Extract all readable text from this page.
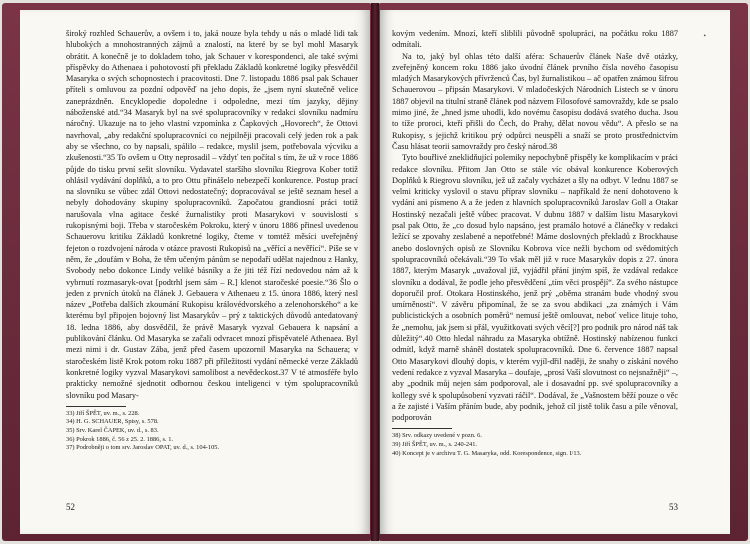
široký rozhled Schauerův, a ovšem i to, jaká nouze byla tehdy u nás o mladé lidi tak hlubokých a mnohostranných zájmů a znalostí, na které by se byl mohl Masaryk obrátit. A konečně je to dokladem toho, jak Schauer v korespondenci, ale také svými příspěvky do Athenaea i pohotovostí při překladu Základů konkretné logiky přesvědčil Masaryka o svých schopnostech i pracovitosti. Dne 7. listopadu 1886 psal pak Schauer příteli s omluvou za pozdní odpověď na jeho dopis, že „jsem nyní skutečně velice zaneprázdněn. Encyklopedie dopoledne i odpoledne, mezi tím jazyky, dějiny náboženské atd.“34 Masaryk byl na své spolupracovníky v redakci slovníku nadmíru náročný. Ukazuje na to jeho vlastní vzpomínka z Čapkových „Hovorech“, že Ottovi navrhoval, „aby redakční spolupracovníci co nejpilněji pracovali celý jeden rok a pak aby se všechno, co by napsali, spálilo – redakce, myslil jsem, potřebovala výcviku a zkušenosti.“35 To ovšem u Otty neprosadil – vždyť ten počítal s tím, že už v roce 1886 půjde do tisku první sešit slovníku. Vydavatel staršího slovníku Riegrova Kober totiž ohlásil vydávání doplňků, a to pro Ottu přinášelo nebezpečí konkurence. Postup prací na slovníku se vůbec zdál Ottovi nedostatečný; dopracovával se ještě seznam hesel a nebyly dohodovány skupiny spolupracovníků. Započatou grandiosní práci totiž narušovala vlna agitace české žurnalistiky proti Masarykovi v souvislosti s rukopisnými boji. Třeba v staročeském Pokroku, který v únoru 1886 přinesl uvedenou Schauerovu kritiku Základů konkretné logiky, čteme v tomtéž měsíci uveřejněný fejeton o rozdvojení národa v otázce pravosti Rukopisů na „věřící a nevěřící“. Píše se v něm, že „doufám v Boha, že těm učeným pánům se nepodaří udělat najednou z Hanky, Svobody nebo dokonce Lindy veliké básníky a že jiti též řízí nedovedou nám až k vybrnutí rozmasaryk-ovat [podtrhl jsem sám – R.] klenot staročeské poesie.“36 Šlo o jeden z prvních útoků na článek J. Gebauera v Athenaeu z 15. února 1886, který nesl název „Potřeba dalších zkoumání Rukopisu královédvorského a zelenohorského“ a ke kterému byl připojen bojovný list Masarykův – prý z taktických důvodů antedatovaný 18. ledna 1886, aby dosvědčil, že právě Masaryk vyzval Gebauera k napsání a publikování článku. Od Masaryka se začali odvracet mnozí přispěvatelé Athenaea. Byl mezi nimi i dr. Gustav Zába, jenž před časem upozornil Masaryka na Schauera; v staročeském listě Krok potom roku 1887 při příležitosti vydání německé verze Základů konkretné logiky vyzval Masarykovi samolibost a nevědeckost.37 V té atmosféře bylo prakticky nemožné sjednotit odbornou českou inteligenci v tým spolupracovníků slovníku pod Masary-

33) Jiří ŠPĚT, uv. m., s. 228.
34) H. G. SCHAUER, Spisy, s. 578.
35) Srv. Karel ČAPEK, uv. d., s. 83.
36) Pokrok 1886, č. 56 z 25. 2. 1886, s. 1.
37) Podrobněji o tom srv. Jaroslav OPAT, uv. d., s. 104-105.
52
•

kovým vedením. Mnozí, kteří sliblili původně spolupráci, na počátku roku 1887 odmítali.

Na to, jaký byl ohlas této další aféra: Schauerův článek Naše dvě otázky, zveřejněný koncem roku 1886 jako úvodní článek prvního čísla nového časopisu mladých Masarykových přívrženců Čas, byl žurnalistikou – ač opatřen známou šifrou Schauerovou – připsán Masarykovi. V mladočeských Národních Listech se v únoru 1887 objevil na titulní straně článek pod názvem Filosofové samovraždy, kde se psalo mimo jiné, že „hned jsme uhodli, kdo novému časopisu dodává svatého ducha. Jsou to tíže proroci, kteří přišli do Čech, do Prahy, dělat novou vědu“. A přeslo se na Rukopisy, s jejichž kritikou prý odpůrci neuspěli a snaží se proto prostřednictvím Času hlásat teorii samovraždy pro český národ.38

Tyto bouřlivé zneklidňující polemiky nepochybně přispěly ke komplikacím v práci redakce slovníku. Přitom Jan Otto se stále víc obával konkurence Koberových Doplňků k Riegrovu slovníku, jež už začaly vycházet a šly na odbyt. V lednu 1887 se velmi kriticky vyslovil o stavu příprav slovníku – napříkald že není dohotoveno k vydání ani písmeno A a že jeden z hlavních spolupracovníků Jaroslav Goll a Otakar Hostinský nezačali ještě vůbec pracovat. V dubnu 1887 v dalším listu Masarykovi psal pak Otto, že „co dosud bylo napsáno, jest pramálo hotové a článečky v redakci ležící se zpovahy zeslabené a nepotřebné! Máme doslovných překladů z Brockhause anebo doslovných opisů ze Slovníku Kobrova více nežli bychom od svědomitých spolupracovníků očekávali.“39 To však měl již v ruce Masarykův dopis z 27. února 1887, kterým Masaryk „uvažoval již, vyjádřil přání jiným spíš, že vzdával redakce slovníku a dodával, že podle jeho přesvědčení „tím věci prospějí“. Za svého nástupce doporučil prof. Otokara Hostinského, jenž prý „oběma stranám bude vhodný svou umírněností“. V závěru připomínal, že se za svou abdikaci „za známých i Vám publicistických a osobních poměrů“ nemusí ještě omlouvat, neboť velice lituje toho, že „nemohu, jak jsem si přál, využitkovati svých věcí[?] pro podnik pro národ náš tak důležitý“.40 Otto hledal náhradu za Masaryka obtížně. Hostinský nabízenou funkci odmítl, když marně sháněl dostatek spolupracovníků. Dne 6. července 1887 napsal Otto Masarykovi dlouhý dopis, v kterém vyjíl-dřil naději, že snahy o získání nového vedení redakce z vyzval Masaryka – doufaje, „prosí Vaší slovutnost co nejsnažněji“ –, aby „podnik můj nejen sám podporoval, ale i dosavadní pp. své spolupracovníky a kollegy své k spolupůsobení vyzvati ráčil“. Dodával, že „Vašnostem běží pouze o věc a že zajisté i Vaším přáním bude, aby podnik, jehož cíl jistě tolik času a píle věnoval, podporován

38) Srv. odkazy uvedené v pozn. 6.
39) Jiří ŠPĚT, uv. m., s. 240-241.
40) Koncept je v archivu T. G. Masaryka, odd. Korespondence, sign. I/13.
53
